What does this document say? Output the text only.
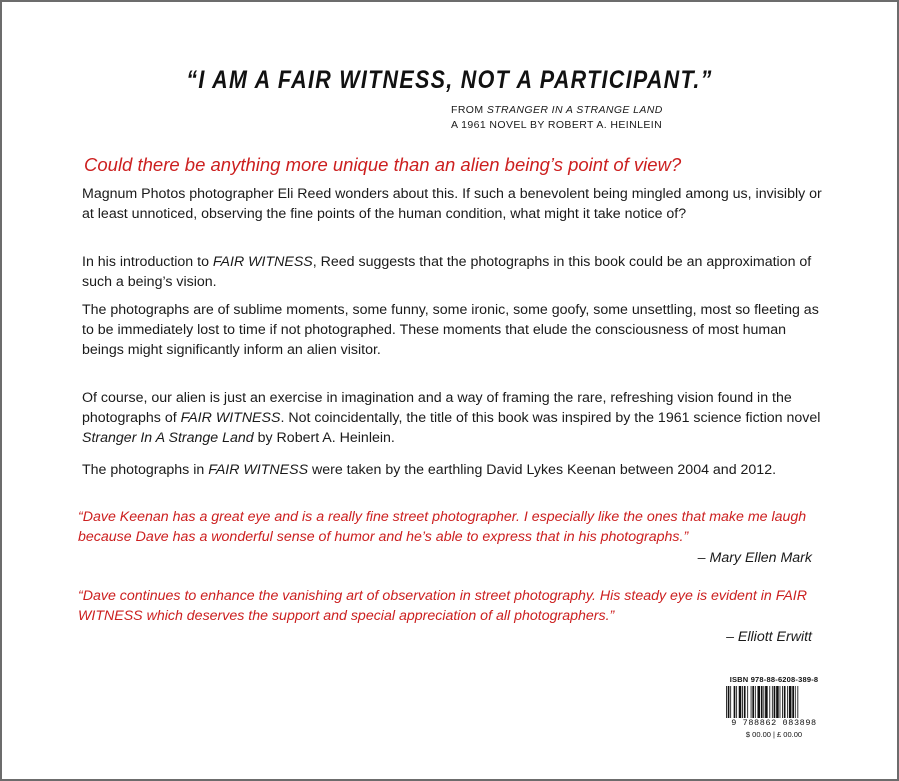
“I AM A FAIR WITNESS, NOT A PARTICIPANT.”
FROM STRANGER IN A STRANGE LAND
A 1961 NOVEL BY ROBERT A. HEINLEIN
Could there be anything more unique than an alien being’s point of view?
Magnum Photos photographer Eli Reed wonders about this. If such a benevolent being mingled among us, invisibly or at least unnoticed, observing the fine points of the human condition, what might it take notice of?
In his introduction to FAIR WITNESS, Reed suggests that the photographs in this book could be an approximation of such a being’s vision.
The photographs are of sublime moments, some funny, some ironic, some goofy, some unsettling, most so fleeting as to be immediately lost to time if not photographed. These moments that elude the consciousness of most human beings might significantly inform an alien visitor.
Of course, our alien is just an exercise in imagination and a way of framing the rare, refreshing vision found in the photographs of FAIR WITNESS. Not coincidentally, the title of this book was inspired by the 1961 science fiction novel Stranger In A Strange Land by Robert A. Heinlein.
The photographs in FAIR WITNESS were taken by the earthling David Lykes Keenan between 2004 and 2012.
“Dave Keenan has a great eye and is a really fine street photographer. I especially like the ones that make me laugh because Dave has a wonderful sense of humor and he’s able to express that in his photographs.”
– Mary Ellen Mark
“Dave continues to enhance the vanishing art of observation in street photography. His steady eye is evident in FAIR WITNESS which deserves the support and special appreciation of all photographers.”
– Elliott Erwitt
ISBN 978-88-6208-389-8
9 788862 083898
$ 00.00 | £ 00.00
